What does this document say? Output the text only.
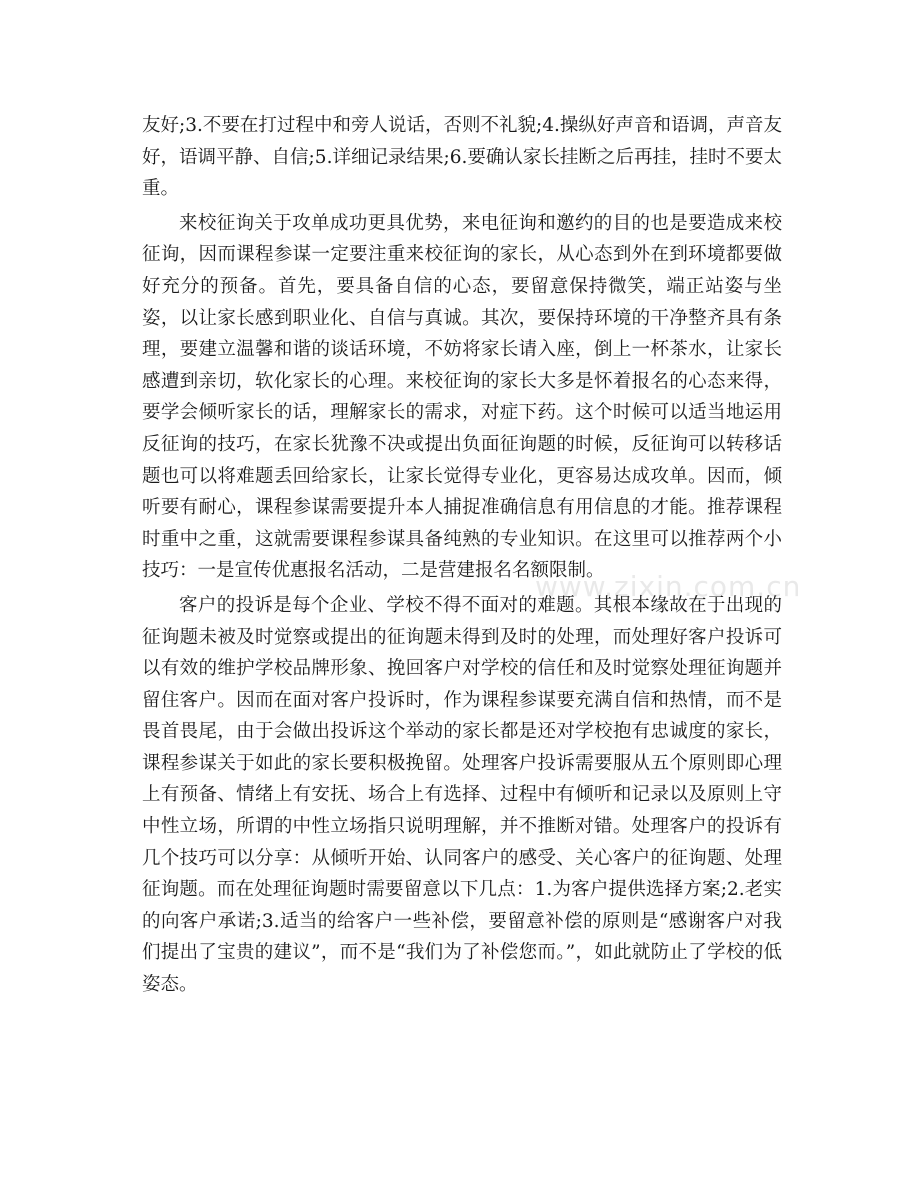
www.zixin.com.cn

友好;3.不要在打过程中和旁人说话，否则不礼貌;4.操纵好声音和语调，声音友好，语调平静、自信;5.详细记录结果;6.要确认家长挂断之后再挂，挂时不要太重。

来校征询关于攻单成功更具优势，来电征询和邀约的目的也是要造成来校征询，因而课程参谋一定要注重来校征询的家长，从心态到外在到环境都要做好充分的预备。首先，要具备自信的心态，要留意保持微笑，端正站姿与坐姿，以让家长感到职业化、自信与真诚。其次，要保持环境的干净整齐具有条理，要建立温馨和谐的谈话环境，不妨将家长请入座，倒上一杯茶水，让家长感遭到亲切，软化家长的心理。来校征询的家长大多是怀着报名的心态来得，要学会倾听家长的话，理解家长的需求，对症下药。这个时候可以适当地运用反征询的技巧，在家长犹豫不决或提出负面征询题的时候，反征询可以转移话题也可以将难题丢回给家长，让家长觉得专业化，更容易达成攻单。因而，倾听要有耐心，课程参谋需要提升本人捕捉准确信息有用信息的才能。推荐课程时重中之重，这就需要课程参谋具备纯熟的专业知识。在这里可以推荐两个小技巧：一是宣传优惠报名活动，二是营建报名名额限制。

客户的投诉是每个企业、学校不得不面对的难题。其根本缘故在于出现的征询题未被及时觉察或提出的征询题未得到及时的处理，而处理好客户投诉可以有效的维护学校品牌形象、挽回客户对学校的信任和及时觉察处理征询题并留住客户。因而在面对客户投诉时，作为课程参谋要充满自信和热情，而不是畏首畏尾，由于会做出投诉这个举动的家长都是还对学校抱有忠诚度的家长，课程参谋关于如此的家长要积极挽留。处理客户投诉需要服从五个原则即心理上有预备、情绪上有安抚、场合上有选择、过程中有倾听和记录以及原则上守中性立场，所谓的中性立场指只说明理解，并不推断对错。处理客户的投诉有几个技巧可以分享：从倾听开始、认同客户的感受、关心客户的征询题、处理征询题。而在处理征询题时需要留意以下几点：1.为客户提供选择方案;2.老实的向客户承诺;3.适当的给客户一些补偿，要留意补偿的原则是“感谢客户对我们提出了宝贵的建议”，而不是“我们为了补偿您而。”，如此就防止了学校的低姿态。
